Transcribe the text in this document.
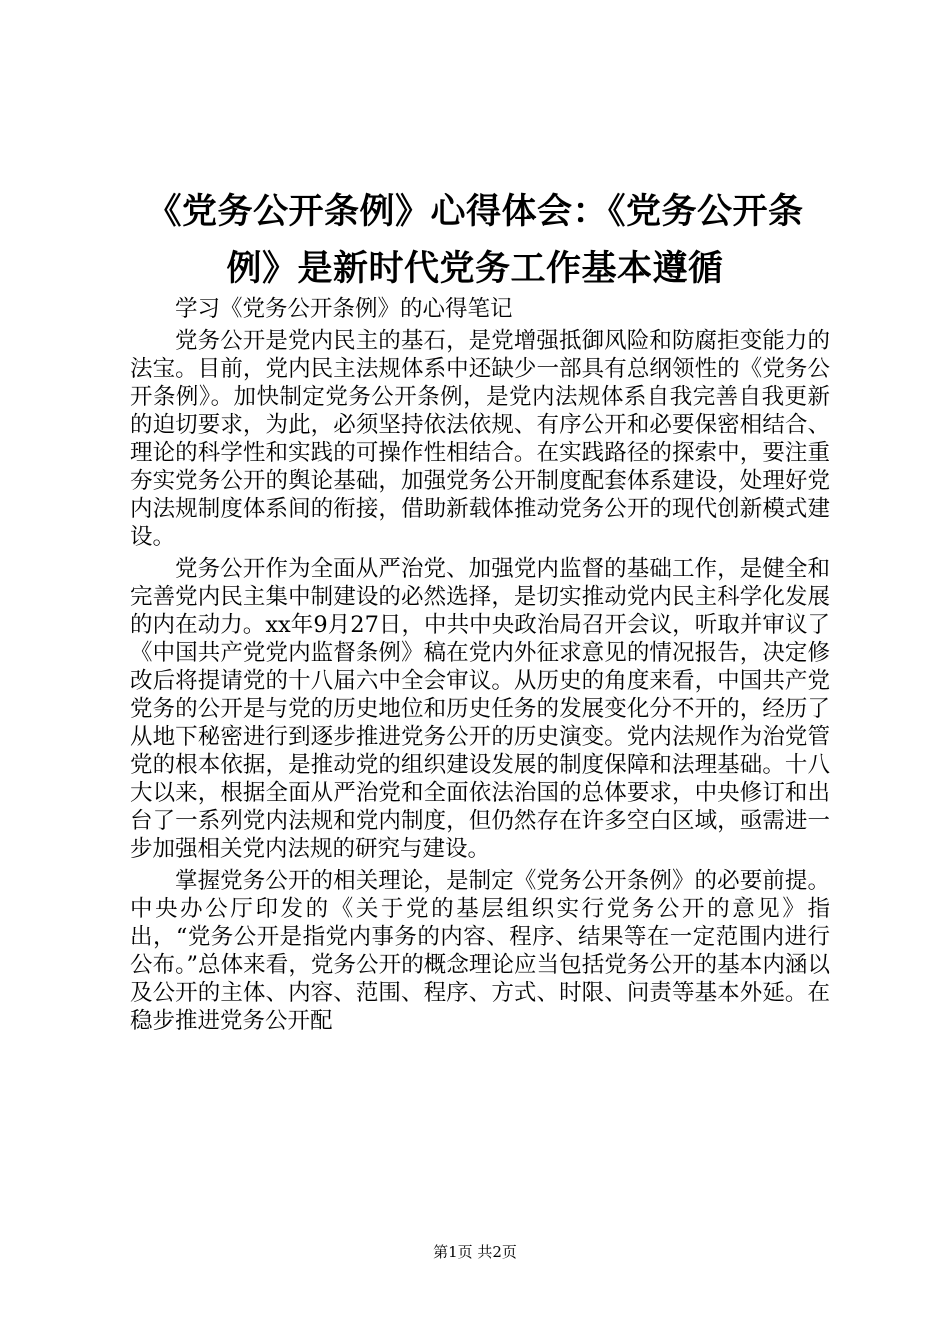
《党务公开条例》心得体会：《党务公开条例》是新时代党务工作基本遵循

学习《党务公开条例》的心得笔记

党务公开是党内民主的基石，是党增强抵御风险和防腐拒变能力的法宝。目前，党内民主法规体系中还缺少一部具有总纲领性的《党务公开条例》。加快制定党务公开条例，是党内法规体系自我完善自我更新的迫切要求，为此，必须坚持依法依规、有序公开和必要保密相结合、理论的科学性和实践的可操作性相结合。在实践路径的探索中，要注重夯实党务公开的舆论基础，加强党务公开制度配套体系建设，处理好党内法规制度体系间的衔接，借助新载体推动党务公开的现代创新模式建设。

党务公开作为全面从严治党、加强党内监督的基础工作，是健全和完善党内民主集中制建设的必然选择，是切实推动党内民主科学化发展的内在动力。xx年9月27日，中共中央政治局召开会议，听取并审议了《中国共产党党内监督条例》稿在党内外征求意见的情况报告，决定修改后将提请党的十八届六中全会审议。从历史的角度来看，中国共产党党务的公开是与党的历史地位和历史任务的发展变化分不开的，经历了从地下秘密进行到逐步推进党务公开的历史演变。党内法规作为治党管党的根本依据，是推动党的组织建设发展的制度保障和法理基础。十八大以来，根据全面从严治党和全面依法治国的总体要求，中央修订和出台了一系列党内法规和党内制度，但仍然存在许多空白区域，亟需进一步加强相关党内法规的研究与建设。

掌握党务公开的相关理论，是制定《党务公开条例》的必要前提。中央办公厅印发的《关于党的基层组织实行党务公开的意见》指出，“党务公开是指党内事务的内容、程序、结果等在一定范围内进行公布。”总体来看，党务公开的概念理论应当包括党务公开的基本内涵以及公开的主体、内容、范围、程序、方式、时限、问责等基本外延。在稳步推进党务公开配

第1页 共2页
